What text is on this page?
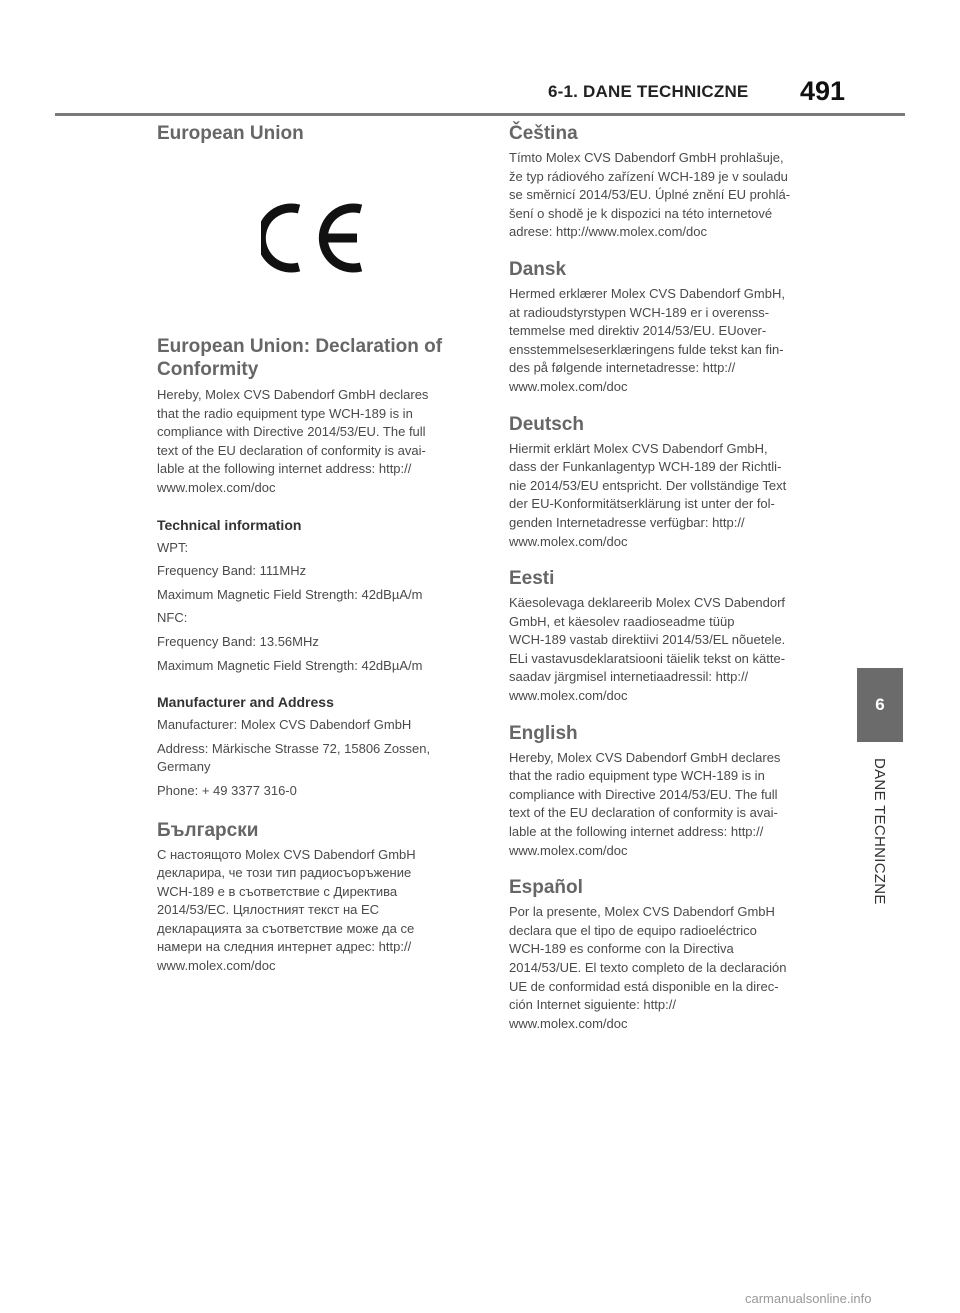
6-1. DANE TECHNICZNE 491
European Union
European Union: Declaration of Conformity

Hereby, Molex CVS Dabendorf GmbH declares
that the radio equipment type WCH-189 is in
compliance with Directive 2014/53/EU. The full
text of the EU declaration of conformity is avai-
lable at the following internet address: http://
www.molex.com/doc

Technical information

WPT:

Frequency Band: 111MHz

Maximum Magnetic Field Strength: 42dBµA/m

NFC:

Frequency Band: 13.56MHz

Maximum Magnetic Field Strength: 42dBµA/m

Manufacturer and Address

Manufacturer: Molex CVS Dabendorf GmbH

Address: Märkische Strasse 72, 15806 Zossen,
Germany

Phone: + 49 3377 316-0

Български

С настоящото Molex CVS Dabendorf GmbH
декларира, че този тип радиосъоръжение
WCH-189 е в съответствие с Директива
2014/53/ЕС. Цялостният текст на ЕС
декларацията за съответствие може да се
намери на следния интернет адрес: http://
www.molex.com/doc

Čeština

Tímto Molex CVS Dabendorf GmbH prohlašuje,
že typ rádiového zařízení WCH-189 je v souladu
se směrnicí 2014/53/EU. Úplné znění EU prohlá-
šení o shodě je k dispozici na této internetové
adrese: http://www.molex.com/doc

Dansk

Hermed erklærer Molex CVS Dabendorf GmbH,
at radioudstyrstypen WCH-189 er i overenss-
temmelse med direktiv 2014/53/EU. EUover-
ensstemmelseserklæringens fulde tekst kan fin-
des på følgende internetadresse: http://
www.molex.com/doc

Deutsch

Hiermit erklärt Molex CVS Dabendorf GmbH,
dass der Funkanlagentyp WCH-189 der Richtli-
nie 2014/53/EU entspricht. Der vollständige Text
der EU-Konformitätserklärung ist unter der fol-
genden Internetadresse verfügbar: http://
www.molex.com/doc

Eesti

Käesolevaga deklareerib Molex CVS Dabendorf
GmbH, et käesolev raadioseadme tüüp
WCH-189 vastab direktiivi 2014/53/EL nõuetele.
ELi vastavusdeklaratsiooni täielik tekst on kätte-
saadav järgmisel internetiaadressil: http://
www.molex.com/doc

English

Hereby, Molex CVS Dabendorf GmbH declares
that the radio equipment type WCH-189 is in
compliance with Directive 2014/53/EU. The full
text of the EU declaration of conformity is avai-
lable at the following internet address: http://
www.molex.com/doc

Español

Por la presente, Molex CVS Dabendorf GmbH
declara que el tipo de equipo radioeléctrico
WCH-189 es conforme con la Directiva
2014/53/UE. El texto completo de la declaración
UE de conformidad está disponible en la direc-
ción Internet siguiente: http://
www.molex.com/doc

6
DANE TECHNICZNE
carmanualsonline.info
